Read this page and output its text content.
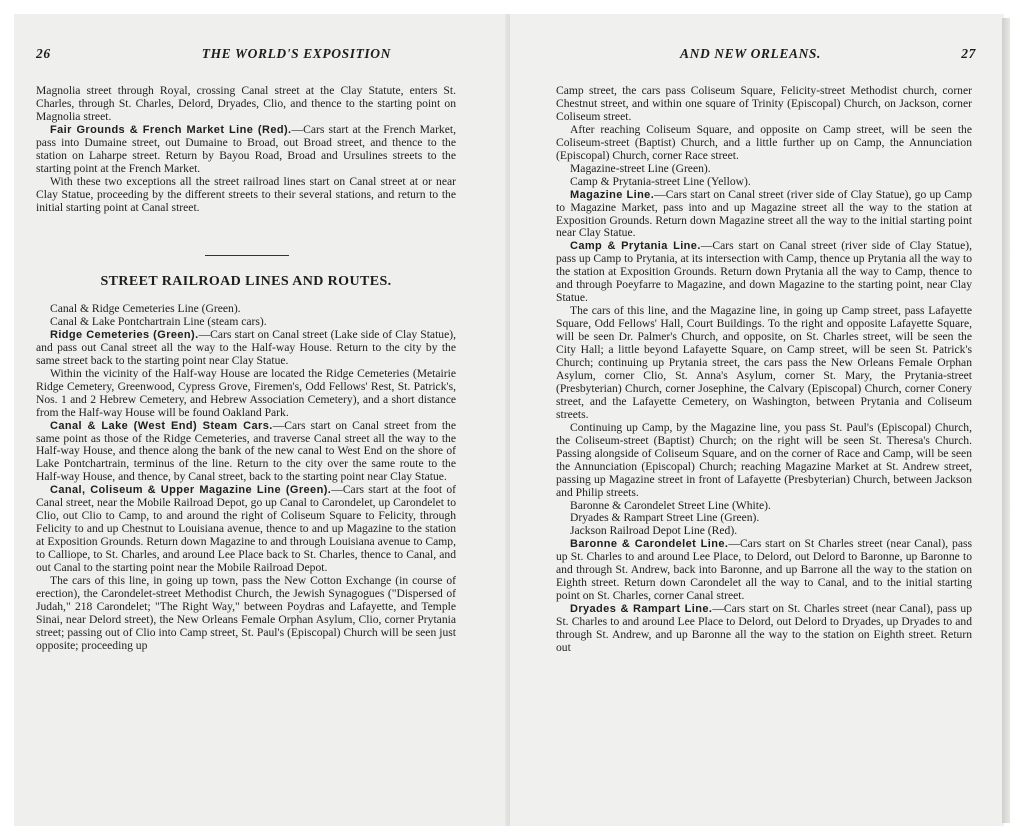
26	THE WORLD'S EXPOSITION

Magnolia street through Royal, crossing Canal street at the Clay Statute, enters St. Charles, through St. Charles, Delord, Dryades, Clio, and thence to the starting point on Magnolia street.

Fair Grounds & French Market Line (Red).—Cars start at the French Market, pass into Dumaine street, out Dumaine to Broad, out Broad street, and thence to the station on Laharpe street. Return by Bayou Road, Broad and Ursulines streets to the starting point at the French Market.

With these two exceptions all the street railroad lines start on Canal street at or near Clay Statue, proceeding by the different streets to their several stations, and return to the initial starting point at Canal street.

STREET RAILROAD LINES AND ROUTES.

Canal & Ridge Cemeteries Line (Green).

Canal & Lake Pontchartrain Line (steam cars).

Ridge Cemeteries (Green).—Cars start on Canal street (Lake side of Clay Statue), and pass out Canal street all the way to the Half-way House. Return to the city by the same street back to the starting point near Clay Statue.

Within the vicinity of the Half-way House are located the Ridge Cemeteries (Metairie Ridge Cemetery, Greenwood, Cypress Grove, Firemen's, Odd Fellows' Rest, St. Patrick's, Nos. 1 and 2 Hebrew Cemetery, and Hebrew Association Cemetery), and a short distance from the Half-way House will be found Oakland Park.

Canal & Lake (West End) Steam Cars.—Cars start on Canal street from the same point as those of the Ridge Cemeteries, and traverse Canal street all the way to the Half-way House, and thence along the bank of the new canal to West End on the shore of Lake Pontchartrain, terminus of the line. Return to the city over the same route to the Half-way House, and thence, by Canal street, back to the starting point near Clay Statue.

Canal, Coliseum & Upper Magazine Line (Green).—Cars start at the foot of Canal street, near the Mobile Railroad Depot, go up Canal to Carondelet, up Carondelet to Clio, out Clio to Camp, to and around the right of Coliseum Square to Felicity, through Felicity to and up Chestnut to Louisiana avenue, thence to and up Magazine to the station at Exposition Grounds. Return down Magazine to and through Louisiana avenue to Camp, to Calliope, to St. Charles, and around Lee Place back to St. Charles, thence to Canal, and out Canal to the starting point near the Mobile Railroad Depot.

The cars of this line, in going up town, pass the New Cotton Exchange (in course of erection), the Carondelet-street Methodist Church, the Jewish Synagogues ("Dispersed of Judah," 218 Carondelet; "The Right Way," between Poydras and Lafayette, and Temple Sinai, near Delord street), the New Orleans Female Orphan Asylum, Clio, corner Prytania street; passing out of Clio into Camp street, St. Paul's (Episcopal) Church will be seen just opposite; proceeding up

AND NEW ORLEANS.	27

Camp street, the cars pass Coliseum Square, Felicity-street Methodist church, corner Chestnut street, and within one square of Trinity (Episcopal) Church, on Jackson, corner Coliseum street.

After reaching Coliseum Square, and opposite on Camp street, will be seen the Coliseum-street (Baptist) Church, and a little further up on Camp, the Annunciation (Episcopal) Church, corner Race street.

Magazine-street Line (Green).

Camp & Prytania-street Line (Yellow).

Magazine Line.—Cars start on Canal street (river side of Clay Statue), go up Camp to Magazine Market, pass into and up Magazine street all the way to the station at Exposition Grounds. Return down Magazine street all the way to the initial starting point near Clay Statue.

Camp & Prytania Line.—Cars start on Canal street (river side of Clay Statue), pass up Camp to Prytania, at its intersection with Camp, thence up Prytania all the way to the station at Exposition Grounds. Return down Prytania all the way to Camp, thence to and through Poeyfarre to Magazine, and down Magazine to the starting point, near Clay Statue.

The cars of this line, and the Magazine line, in going up Camp street, pass Lafayette Square, Odd Fellows' Hall, Court Buildings. To the right and opposite Lafayette Square, will be seen Dr. Palmer's Church, and opposite, on St. Charles street, will be seen the City Hall; a little beyond Lafayette Square, on Camp street, will be seen St. Patrick's Church; continuing up Prytania street, the cars pass the New Orleans Female Orphan Asylum, corner Clio, St. Anna's Asylum, corner St. Mary, the Prytania-street (Presbyterian) Church, corner Josephine, the Calvary (Episcopal) Church, corner Conery street, and the Lafayette Cemetery, on Washington, between Prytania and Coliseum streets.

Continuing up Camp, by the Magazine line, you pass St. Paul's (Episcopal) Church, the Coliseum-street (Baptist) Church; on the right will be seen St. Theresa's Church. Passing alongside of Coliseum Square, and on the corner of Race and Camp, will be seen the Annunciation (Episcopal) Church; reaching Magazine Market at St. Andrew street, passing up Magazine street in front of Lafayette (Presbyterian) Church, between Jackson and Philip streets.

Baronne & Carondelet Street Line (White).

Dryades & Rampart Street Line (Green).

Jackson Railroad Depot Line (Red).

Baronne & Carondelet Line.—Cars start on St Charles street (near Canal), pass up St. Charles to and around Lee Place, to Delord, out Delord to Baronne, up Baronne to and through St. Andrew, back into Baronne, and up Barrone all the way to the station on Eighth street. Return down Carondelet all the way to Canal, and to the initial starting point on St. Charles, corner Canal street.

Dryades & Rampart Line.—Cars start on St. Charles street (near Canal), pass up St. Charles to and around Lee Place to Delord, out Delord to Dryades, up Dryades to and through St. Andrew, and up Baronne all the way to the station on Eighth street. Return out
